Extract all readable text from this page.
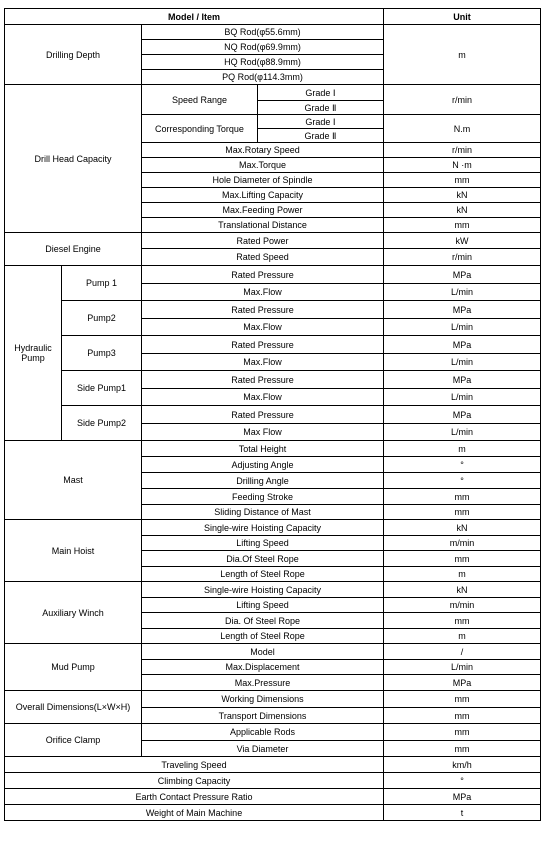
Model / Item				Unit	
Drilling Depth		BQ Rod(φ55.6mm)		m	
		NQ Rod(φ69.9mm)	
		HQ Rod(φ88.9mm)	
		PQ Rod(φ114.3mm)	
Drill Head Capacity		Speed Range	Grade Ⅰ	r/min	
			Grade Ⅱ	
		Corresponding Torque	Grade Ⅰ	N.m	
			Grade Ⅱ	
		Max.Rotary Speed		r/min	
		Max.Torque		N ·m	
		Hole Diameter of Spindle		mm	
		Max.Lifting Capacity		kN	
		Max.Feeding Power		kN	
		Translational Distance		mm	
Diesel Engine		Rated Power		kW	
		Rated Speed		r/min	
Hydraulic Pump	Pump 1	Rated Pressure		MPa	
		Max.Flow		L/min	
	Pump2	Rated Pressure		MPa	
		Max.Flow		L/min	
	Pump3	Rated Pressure		MPa	
		Max.Flow		L/min	
	Side Pump1	Rated Pressure		MPa	
		Max.Flow		L/min	
	Side Pump2	Rated Pressure		MPa	
		Max Flow		L/min	
Mast		Total Height		m	
		Adjusting Angle		°	
		Drilling Angle		°	
		Feeding Stroke		mm	
		Sliding Distance of Mast		mm	
Main Hoist		Single-wire Hoisting Capacity		kN	
		Lifting Speed		m/min	
		Dia.Of Steel Rope		mm	
		Length of Steel Rope		m	
Auxiliary Winch		Single-wire Hoisting Capacity		kN	
		Lifting Speed		m/min	
		Dia. Of Steel Rope		mm	
		Length of Steel Rope		m	
Mud Pump		Model		/	
		Max.Displacement		L/min	
		Max.Pressure		MPa	
Overall Dimensions(L×W×H)		Working Dimensions		mm	
		Transport Dimensions		mm	
Orifice Clamp		Applicable Rods		mm	
		Via Diameter		mm	
Traveling Speed				km/h	
Climbing Capacity				°	
Earth Contact Pressure Ratio				MPa	
Weight of Main Machine				t	
